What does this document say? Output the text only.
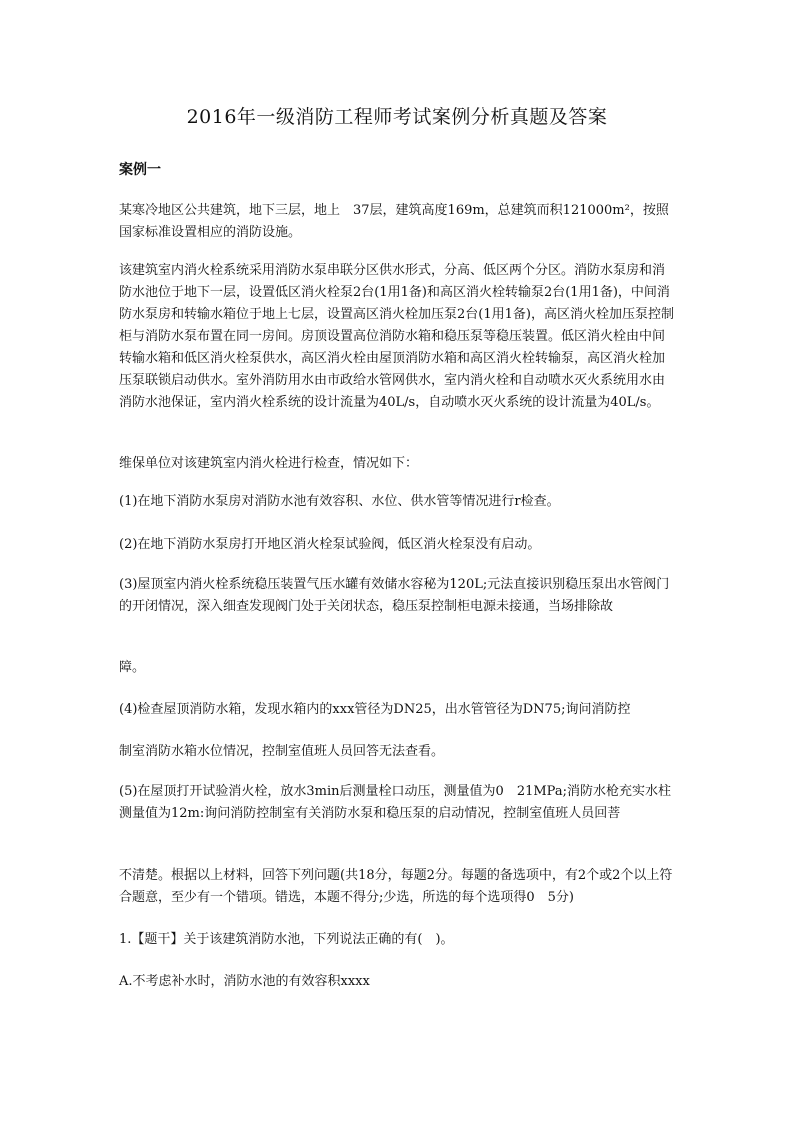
2016年一级消防工程师考试案例分析真题及答案
案例一

某寒冷地区公共建筑，地下三层，地上　37层，建筑高度169m，总建筑而积121000m²，按照国家标准设置相应的消防设施。

该建筑室内消火栓系统采用消防水泵串联分区供水形式，分高、低区两个分区。消防水泵房和消防水池位于地下一层，设置低区消火栓泵2台(1用1备)和高区消火栓转输泵2台(1用1备)，中间消防水泵房和转输水箱位于地上七层，设置高区消火栓加压泵2台(1用1备)，高区消火栓加压泵控制柜与消防水泵布置在同一房间。房顶设置高位消防水箱和稳压泵等稳压装置。低区消火栓由中间转输水箱和低区消火栓泵供水，高区消火栓由屋顶消防水箱和高区消火栓转输泵，高区消火栓加压泵联锁启动供水。室外消防用水由市政给水管网供水，室内消火栓和自动喷水灭火系统用水由消防水池保证，室内消火栓系统的设计流量为40L/s，自动喷水灭火系统的设计流量为40L/s。

维保单位对该建筑室内消火栓进行检查，情况如下：

(1)在地下消防水泵房对消防水池有效容积、水位、供水管等情况进行r检查。

(2)在地下消防水泵房打开地区消火栓泵试验阀，低区消火栓泵没有启动。

(3)屋顶室内消火栓系统稳压装置气压水罐有效储水容秘为120L;元法直接识别稳压泵出水管阀门的开闭情况，深入细查发现阀门处于关闭状态，稳压泵控制柜电源未接通，当场排除故

障。

(4)检查屋顶消防水箱，发现水箱内的xxx管径为DN25，出水管管径为DN75;询问消防控

制室消防水箱水位情况，控制室值班人员回答无法查看。

(5)在屋顶打开试验消火栓，放水3min后测量栓口动压，测量值为0　21MPa;消防水枪充实水柱测量值为12m:询问消防控制室有关消防水泵和稳压泵的启动情况，控制室值班人员回菩

不清楚。根据以上材料，回答下列问题(共18分，每题2分。每题的备选项中，有2个或2个以上符合题意，至少有一个错项。错选，本题不得分;少选，所选的每个选项得0　5分)

1.【题干】关于该建筑消防水池，下列说法正确的有(　)。

A.不考虑补水时，消防水池的有效容积xxxx
